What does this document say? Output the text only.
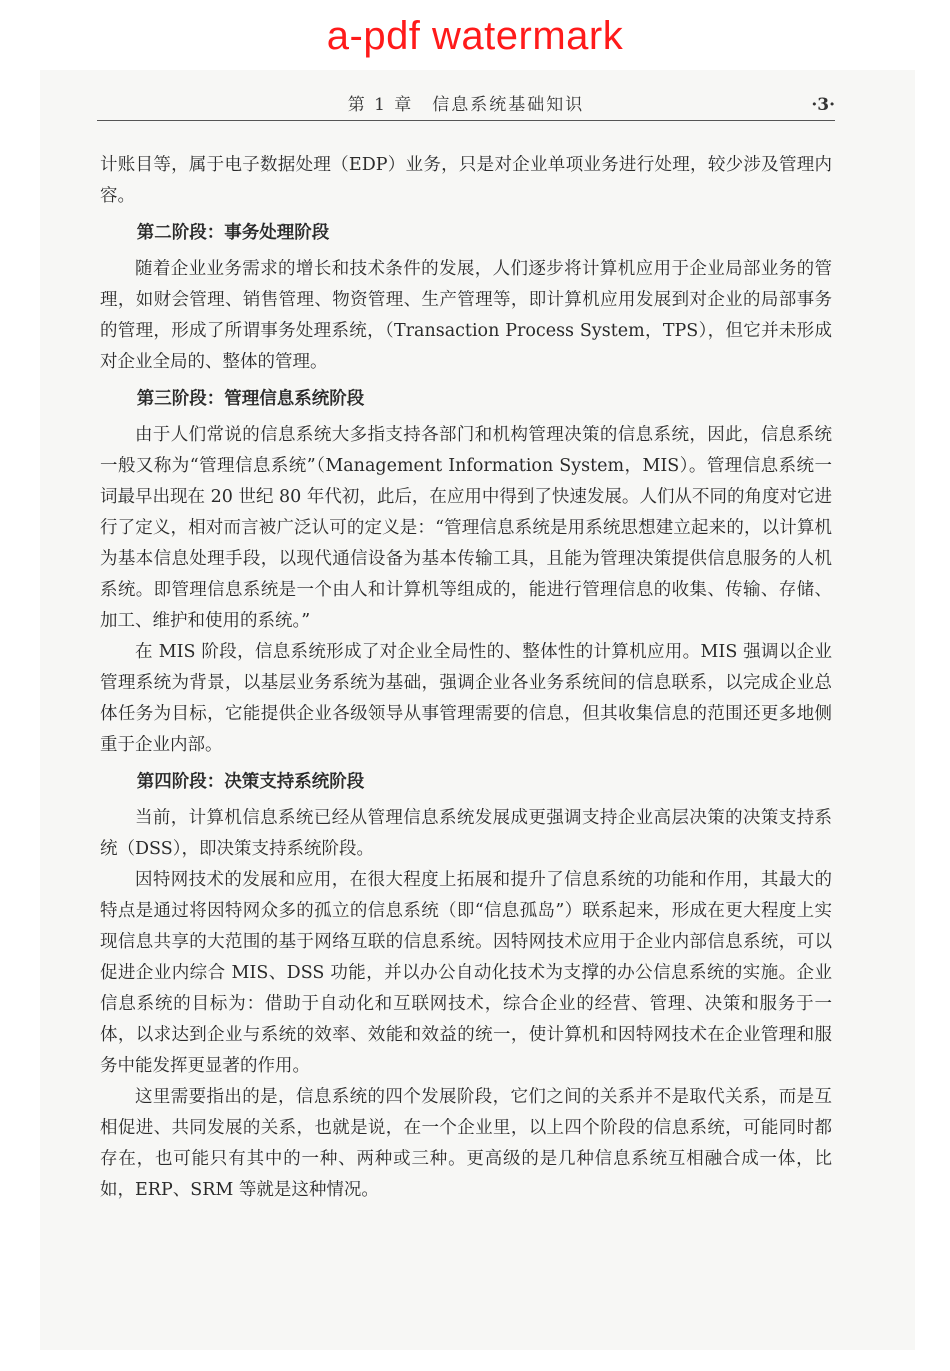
a-pdf watermark
第 1 章　信息系统基础知识	·3·

计账目等，属于电子数据处理（EDP）业务，只是对企业单项业务进行处理，较少涉及管理内容。

第二阶段：事务处理阶段

随着企业业务需求的增长和技术条件的发展，人们逐步将计算机应用于企业局部业务的管理，如财会管理、销售管理、物资管理、生产管理等，即计算机应用发展到对企业的局部事务的管理，形成了所谓事务处理系统，（Transaction Process System，TPS），但它并未形成对企业全局的、整体的管理。

第三阶段：管理信息系统阶段

由于人们常说的信息系统大多指支持各部门和机构管理决策的信息系统，因此，信息系统一般又称为“管理信息系统”（Management Information System，MIS）。管理信息系统一词最早出现在 20 世纪 80 年代初，此后，在应用中得到了快速发展。人们从不同的角度对它进行了定义，相对而言被广泛认可的定义是：“管理信息系统是用系统思想建立起来的，以计算机为基本信息处理手段，以现代通信设备为基本传输工具，且能为管理决策提供信息服务的人机系统。即管理信息系统是一个由人和计算机等组成的，能进行管理信息的收集、传输、存储、加工、维护和使用的系统。”

在 MIS 阶段，信息系统形成了对企业全局性的、整体性的计算机应用。MIS 强调以企业管理系统为背景，以基层业务系统为基础，强调企业各业务系统间的信息联系，以完成企业总体任务为目标，它能提供企业各级领导从事管理需要的信息，但其收集信息的范围还更多地侧重于企业内部。

第四阶段：决策支持系统阶段

当前，计算机信息系统已经从管理信息系统发展成更强调支持企业高层决策的决策支持系统（DSS），即决策支持系统阶段。

因特网技术的发展和应用，在很大程度上拓展和提升了信息系统的功能和作用，其最大的特点是通过将因特网众多的孤立的信息系统（即“信息孤岛”）联系起来，形成在更大程度上实现信息共享的大范围的基于网络互联的信息系统。因特网技术应用于企业内部信息系统，可以促进企业内综合 MIS、DSS 功能，并以办公自动化技术为支撑的办公信息系统的实施。企业信息系统的目标为：借助于自动化和互联网技术，综合企业的经营、管理、决策和服务于一体，以求达到企业与系统的效率、效能和效益的统一，使计算机和因特网技术在企业管理和服务中能发挥更显著的作用。

这里需要指出的是，信息系统的四个发展阶段，它们之间的关系并不是取代关系，而是互相促进、共同发展的关系，也就是说，在一个企业里，以上四个阶段的信息系统，可能同时都存在，也可能只有其中的一种、两种或三种。更高级的是几种信息系统互相融合成一体，比如，ERP、SRM 等就是这种情况。
